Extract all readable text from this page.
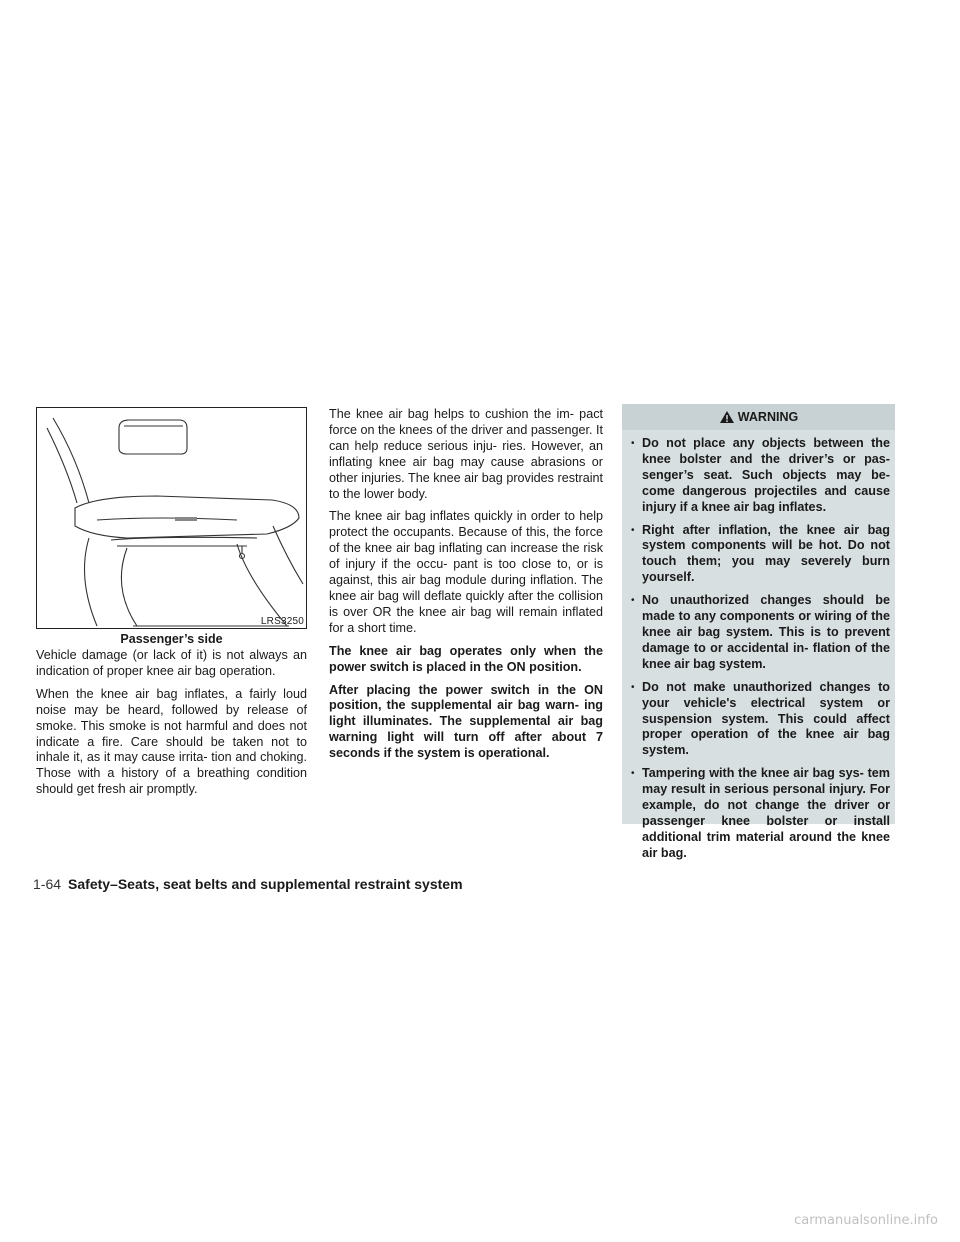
LRS3250
Passenger’s side

Vehicle damage (or lack of it) is not always an indication of proper knee air bag operation.

When the knee air bag inflates, a fairly loud noise may be heard, followed by release of smoke. This smoke is not harmful and does not indicate a fire. Care should be taken not to inhale it, as it may cause irrita- tion and choking. Those with a history of a breathing condition should get fresh air promptly.

The knee air bag helps to cushion the im- pact force on the knees of the driver and passenger. It can help reduce serious inju- ries. However, an inflating knee air bag may cause abrasions or other injuries. The knee air bag provides restraint to the lower body.

The knee air bag inflates quickly in order to help protect the occupants. Because of this, the force of the knee air bag inflating can increase the risk of injury if the occu- pant is too close to, or is against, this air bag module during inflation. The knee air bag will deflate quickly after the collision is over OR the knee air bag will remain inflated for a short time.

The knee air bag operates only when the power switch is placed in the ON position.

After placing the power switch in the ON position, the supplemental air bag warn- ing light illuminates. The supplemental air bag warning light will turn off after about 7 seconds if the system is operational.

WARNING
• Do not place any objects between the knee bolster and the driver’s or pas- senger’s seat. Such objects may be- come dangerous projectiles and cause injury if a knee air bag inflates.
• Right after inflation, the knee air bag system components will be hot. Do not touch them; you may severely burn yourself.
• No unauthorized changes should be made to any components or wiring of the knee air bag system. This is to prevent damage to or accidental in- flation of the knee air bag system.
• Do not make unauthorized changes to your vehicle's electrical system or suspension system. This could affect proper operation of the knee air bag system.
• Tampering with the knee air bag sys- tem may result in serious personal injury. For example, do not change the driver or passenger knee bolster or install additional trim material around the knee air bag.
1-64 Safety–Seats, seat belts and supplemental restraint system
carmanualsonline.info
